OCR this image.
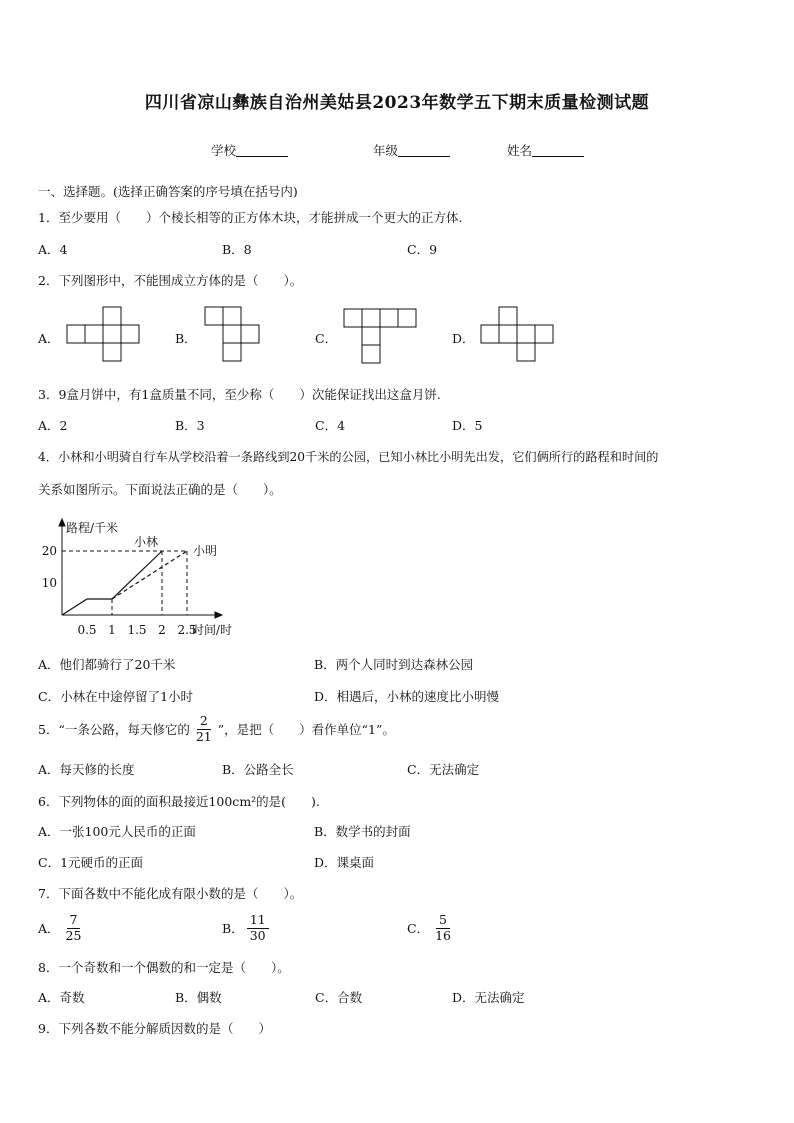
四川省凉山彝族自治州美姑县2023年数学五下期末质量检测试题
学校	年级	姓名
一、选择题。(选择正确答案的序号填在括号内)
1．至少要用（　　）个棱长相等的正方体木块，才能拼成一个更大的正方体.
A．4	B．8	C．9
2．下列图形中，不能围成立方体的是（　　）。
A．	B．	C．	D．
3．9盒月饼中，有1盒质量不同，至少称（　　）次能保证找出这盒月饼.
A．2	B．3	C．4	D．5
4．小林和小明骑自行车从学校沿着一条路线到20千米的公园，已知小林比小明先出发，它们俩所行的路程和时间的
关系如图所示。下面说法正确的是（　　）。
路程/千米
时间/时
0.5 1 1.5 2 2.5
10
20
小林
小明
A．他们都骑行了20千米	B．两个人同时到达森林公园
C．小林在中途停留了1小时	D．相遇后，小林的速度比小明慢
5．“一条公路，每天修它的 $\frac{2}{21}$ ”，是把（　　）看作单位“1”。
A．每天修的长度	B．公路全长	C．无法确定
6．下列物体的面的面积最接近100cm²的是(　　).
A．一张100元人民币的正面	B．数学书的封面
C．1元硬币的正面	D．课桌面
7．下面各数中不能化成有限小数的是（　　）。
A． $\frac{7}{25}$	B． $\frac{11}{30}$	C． $\frac{5}{16}$
8．一个奇数和一个偶数的和一定是（　　）。
A．奇数	B．偶数	C．合数	D．无法确定
9．下列各数不能分解质因数的是（　　）
